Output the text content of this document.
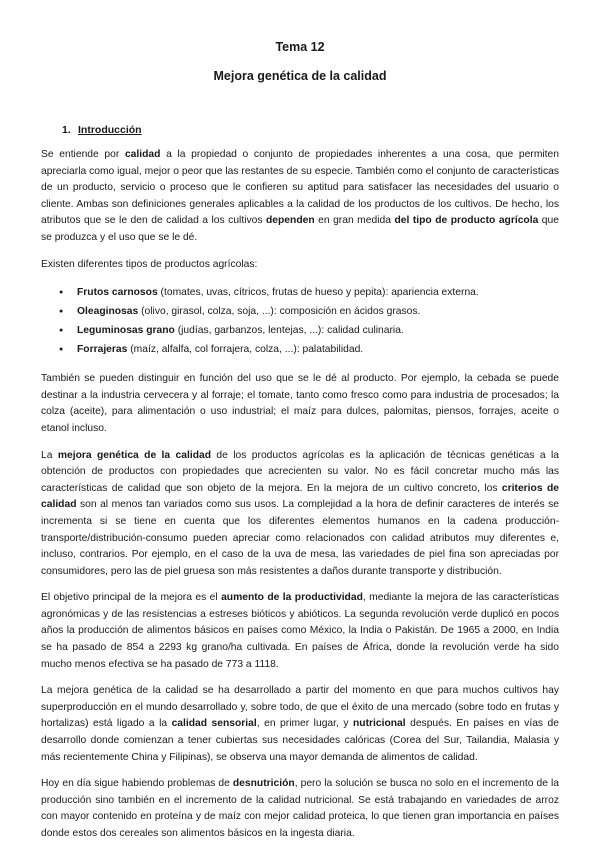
Tema 12
Mejora genética de la calidad
1. Introducción

Se entiende por calidad a la propiedad o conjunto de propiedades inherentes a una cosa, que permiten apreciarla como igual, mejor o peor que las restantes de su especie. También como el conjunto de características de un producto, servicio o proceso que le confieren su aptitud para satisfacer las necesidades del usuario o cliente. Ambas son definiciones generales aplicables a la calidad de los productos de los cultivos. De hecho, los atributos que se le den de calidad a los cultivos dependen en gran medida del tipo de producto agrícola que se produzca y el uso que se le dé.

Existen diferentes tipos de productos agrícolas:

● Frutos carnosos (tomates, uvas, cítricos, frutas de hueso y pepita): apariencia externa.
● Oleaginosas (olivo, girasol, colza, soja, ...): composición en ácidos grasos.
● Leguminosas grano (judías, garbanzos, lentejas, ...): calidad culinaria.
● Forrajeras (maíz, alfalfa, col forrajera, colza, ...): palatabilidad.

También se pueden distinguir en función del uso que se le dé al producto. Por ejemplo, la cebada se puede destinar a la industria cervecera y al forraje; el tomate, tanto como fresco como para industria de procesados; la colza (aceite), para alimentación o uso industrial; el maíz para dulces, palomitas, piensos, forrajes, aceite o etanol incluso.

La mejora genética de la calidad de los productos agrícolas es la aplicación de técnicas genéticas a la obtención de productos con propiedades que acrecienten su valor. No es fácil concretar mucho más las características de calidad que son objeto de la mejora. En la mejora de un cultivo concreto, los criterios de calidad son al menos tan variados como sus usos. La complejidad a la hora de definir caracteres de interés se incrementa si se tiene en cuenta que los diferentes elementos humanos en la cadena producción-transporte/distribución-consumo pueden apreciar como relacionados con calidad atributos muy diferentes e, incluso, contrarios. Por ejemplo, en el caso de la uva de mesa, las variedades de piel fina son apreciadas por consumidores, pero las de piel gruesa son más resistentes a daños durante transporte y distribución.

El objetivo principal de la mejora es el aumento de la productividad, mediante la mejora de las características agronómicas y de las resistencias a estreses bióticos y abióticos. La segunda revolución verde duplicó en pocos años la producción de alimentos básicos en países como México, la India o Pakistán. De 1965 a 2000, en India se ha pasado de 854 a 2293 kg grano/ha cultivada. En países de África, donde la revolución verde ha sido mucho menos efectiva se ha pasado de 773 a 1118.

La mejora genética de la calidad se ha desarrollado a partir del momento en que para muchos cultivos hay superproducción en el mundo desarrollado y, sobre todo, de que el éxito de una mercado (sobre todo en frutas y hortalizas) está ligado a la calidad sensorial, en primer lugar, y nutricional después. En países en vías de desarrollo donde comienzan a tener cubiertas sus necesidades calóricas (Corea del Sur, Tailandia, Malasia y más recientemente China y Filipinas), se observa una mayor demanda de alimentos de calidad.

Hoy en día sigue habiendo problemas de desnutrición, pero la solución se busca no solo en el incremento de la producción sino también en el incremento de la calidad nutricional. Se está trabajando en variedades de arroz con mayor contenido en proteína y de maíz con mejor calidad proteica, lo que tienen gran importancia en países donde estos dos cereales son alimentos básicos en la ingesta diaria.
